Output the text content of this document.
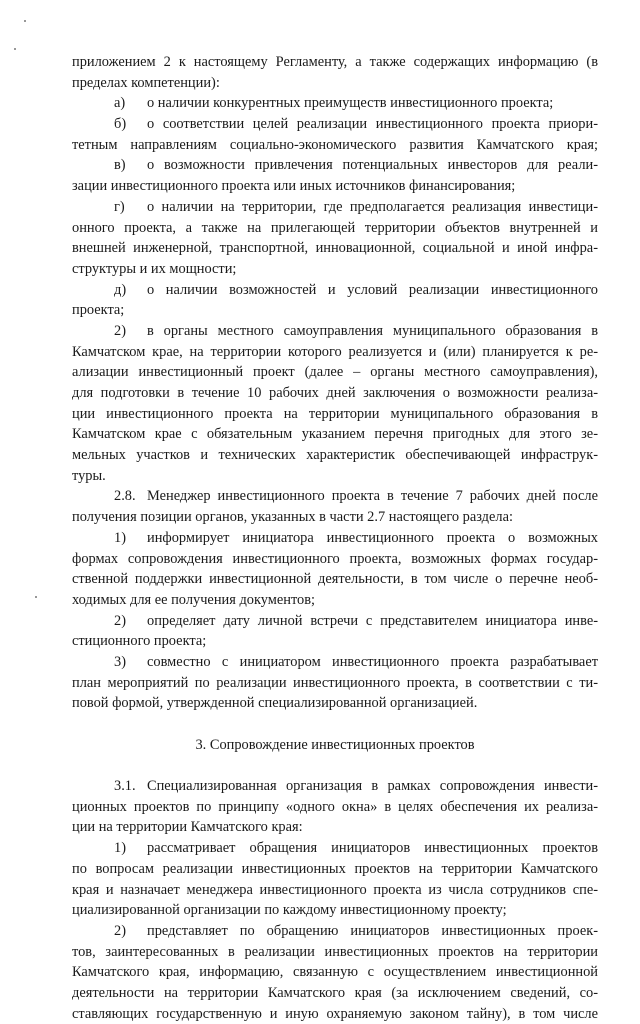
приложением 2 к настоящему Регламенту, а также содержащих информацию (в
пределах компетенции):
а) о наличии конкурентных преимуществ инвестиционного проекта;
б) о соответствии целей реализации инвестиционного проекта приори-
тетным направлениям социально-экономического развития Камчатского края;
в) о возможности привлечения потенциальных инвесторов для реали-
зации инвестиционного проекта или иных источников финансирования;
г) о наличии на территории, где предполагается реализация инвестици-
онного проекта, а также на прилегающей территории объектов внутренней и
внешней инженерной, транспортной, инновационной, социальной и иной инфра-
структуры и их мощности;
д) о наличии возможностей и условий реализации инвестиционного
проекта;
2) в органы местного самоуправления муниципального образования в
Камчатском крае, на территории которого реализуется и (или) планируется к ре-
ализации инвестиционный проект (далее – органы местного самоуправления),
для подготовки в течение 10 рабочих дней заключения о возможности реализа-
ции инвестиционного проекта на территории муниципального образования в
Камчатском крае с обязательным указанием перечня пригодных для этого зе-
мельных участков и технических характеристик обеспечивающей инфраструк-
туры.
2.8. Менеджер инвестиционного проекта в течение 7 рабочих дней после
получения позиции органов, указанных в части 2.7 настоящего раздела:
1) информирует инициатора инвестиционного проекта о возможных
формах сопровождения инвестиционного проекта, возможных формах государ-
ственной поддержки инвестиционной деятельности, в том числе о перечне необ-
ходимых для ее получения документов;
2) определяет дату личной встречи с представителем инициатора инве-
стиционного проекта;
3) совместно с инициатором инвестиционного проекта разрабатывает
план мероприятий по реализации инвестиционного проекта, в соответствии с ти-
повой формой, утвержденной специализированной организацией.
3. Сопровождение инвестиционных проектов
3.1. Специализированная организация в рамках сопровождения инвести-
ционных проектов по принципу «одного окна» в целях обеспечения их реализа-
ции на территории Камчатского края:
1) рассматривает обращения инициаторов инвестиционных проектов
по вопросам реализации инвестиционных проектов на территории Камчатского
края и назначает менеджера инвестиционного проекта из числа сотрудников спе-
циализированной организации по каждому инвестиционному проекту;
2) представляет по обращению инициаторов инвестиционных проек-
тов, заинтересованных в реализации инвестиционных проектов на территории
Камчатского края, информацию, связанную с осуществлением инвестиционной
деятельности на территории Камчатского края (за исключением сведений, со-
ставляющих государственную и иную охраняемую законом тайну), в том числе
